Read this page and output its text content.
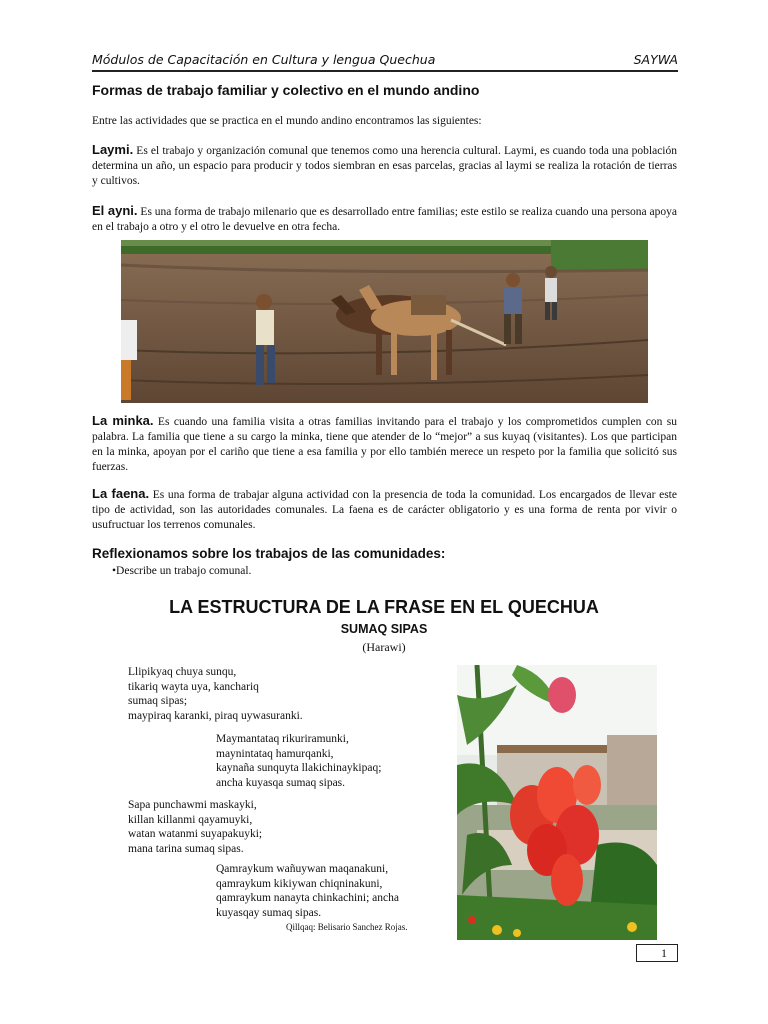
Módulos de Capacitación en Cultura y lengua Quechua	SAYWA
Formas de trabajo familiar y colectivo en el mundo andino
Entre las actividades que se practica en el mundo andino encontramos las siguientes:
Laymi. Es el trabajo y organización comunal que tenemos como una herencia cultural. Laymi, es cuando toda una población determina un año, un espacio para producir y todos siembran en esas parcelas, gracias al laymi se realiza la rotación de tierras y cultivos.
El ayni. Es una forma de trabajo milenario que es desarrollado entre familias; este estilo se realiza cuando una persona apoya en el trabajo a otro y el otro le devuelve en otra fecha.
La minka. Es cuando una familia visita a otras familias invitando para el trabajo y los comprometidos cumplen con su palabra. La familia que tiene a su cargo la minka, tiene que atender de lo “mejor” a sus kuyaq (visitantes). Los que participan en la minka, apoyan por el cariño que tiene a esa familia y por ello también merece un respeto por la familia que solicitó sus fuerzas.
La faena. Es una forma de trabajar alguna actividad con la presencia de toda la comunidad. Los encargados de llevar este tipo de actividad, son las autoridades comunales. La faena es de carácter obligatorio y es una forma de renta por vivir o usufructuar los terrenos comunales.
Reflexionamos sobre los trabajos de las comunidades:
•Describe un trabajo comunal.
LA ESTRUCTURA DE LA FRASE EN EL QUECHUA
SUMAQ SIPAS
(Harawi)
Llipikyaq chuya sunqu,
tikariq wayta uya, kanchariq
sumaq sipas;
maypiraq karanki, piraq uywasuranki.
Maymantataq rikuriramunki,
maynintataq hamurqanki,
kaynaña sunquyta llakichinaykipaq;
ancha kuyasqa sumaq sipas.
Sapa punchawmi maskayki,
killan killanmi qayamuyki,
watan watanmi suyapakuyki;
mana tarina sumaq sipas.
Qamraykum wañuywan maqanakuni,
qamraykum kikiywan chiqninakuni,
qamraykum nanayta chinkachini; ancha
kuyasqay sumaq sipas.
Qillqaq: Belisario Sanchez Rojas.
1
